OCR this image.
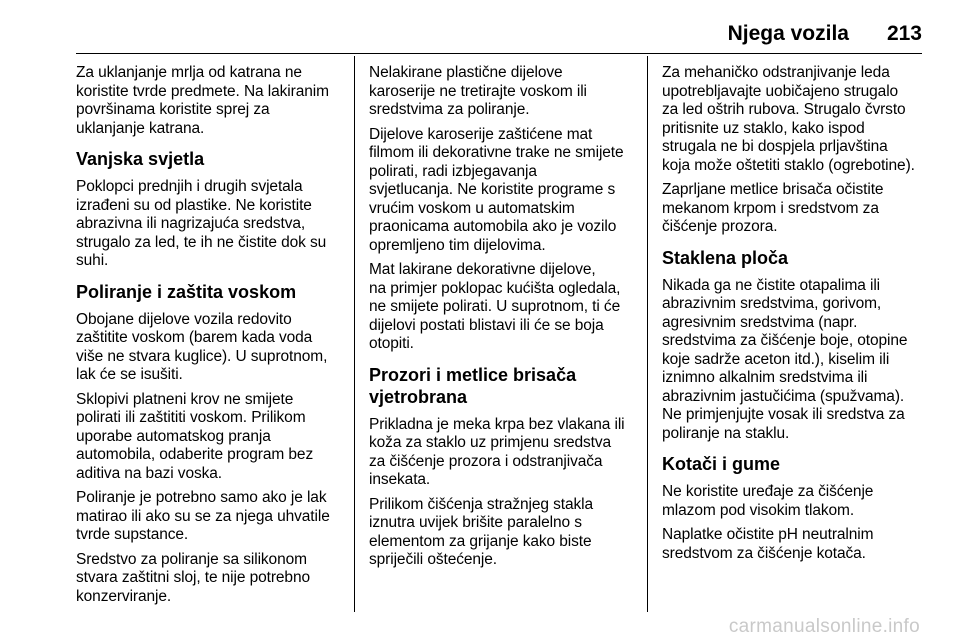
Njega vozila 213

Za uklanjanje mrlja od katrana ne
koristite tvrde predmete. Na lakiranim
površinama koristite sprej za
uklanjanje katrana.

Vanjska svjetla

Poklopci prednjih i drugih svjetala
izrađeni su od plastike. Ne koristite
abrazivna ili nagrizajuća sredstva,
strugalo za led, te ih ne čistite dok su
suhi.

Poliranje i zaštita voskom

Obojane dijelove vozila redovito
zaštitite voskom (barem kada voda
više ne stvara kuglice). U suprotnom,
lak će se isušiti.

Sklopivi platneni krov ne smijete
polirati ili zaštititi voskom. Prilikom
uporabe automatskog pranja
automobila, odaberite program bez
aditiva na bazi voska.

Poliranje je potrebno samo ako je lak
matirao ili ako su se za njega uhvatile
tvrde supstance.

Sredstvo za poliranje sa silikonom
stvara zaštitni sloj, te nije potrebno
konzerviranje.

Nelakirane plastične dijelove
karoserije ne tretirajte voskom ili
sredstvima za poliranje.

Dijelove karoserije zaštićene mat
filmom ili dekorativne trake ne smijete
polirati, radi izbjegavanja
svjetlucanja. Ne koristite programe s
vrućim voskom u automatskim
praonicama automobila ako je vozilo
opremljeno tim dijelovima.

Mat lakirane dekorativne dijelove,
na primjer poklopac kućišta ogledala,
ne smijete polirati. U suprotnom, ti će
dijelovi postati blistavi ili će se boja
otopiti.

Prozori i metlice brisača
vjetrobrana

Prikladna je meka krpa bez vlakana ili
koža za staklo uz primjenu sredstva
za čišćenje prozora i odstranjivača
insekata.

Prilikom čišćenja stražnjeg stakla
iznutra uvijek brišite paralelno s
elementom za grijanje kako biste
spriječili oštećenje.

Za mehaničko odstranjivanje leda
upotrebljavajte uobičajeno strugalo
za led oštrih rubova. Strugalo čvrsto
pritisnite uz staklo, kako ispod
strugala ne bi dospjela prljavština
koja može oštetiti staklo (ogrebotine).

Zaprljane metlice brisača očistite
mekanom krpom i sredstvom za
čišćenje prozora.

Staklena ploča

Nikada ga ne čistite otapalima ili
abrazivnim sredstvima, gorivom,
agresivnim sredstvima (napr.
sredstvima za čišćenje boje, otopine
koje sadrže aceton itd.), kiselim ili
iznimno alkalnim sredstvima ili
abrazivnim jastučićima (spužvama).
Ne primjenjujte vosak ili sredstva za
poliranje na staklu.

Kotači i gume

Ne koristite uređaje za čišćenje
mlazom pod visokim tlakom.

Naplatke očistite pH neutralnim
sredstvom za čišćenje kotača.

carmanualsonline.info
